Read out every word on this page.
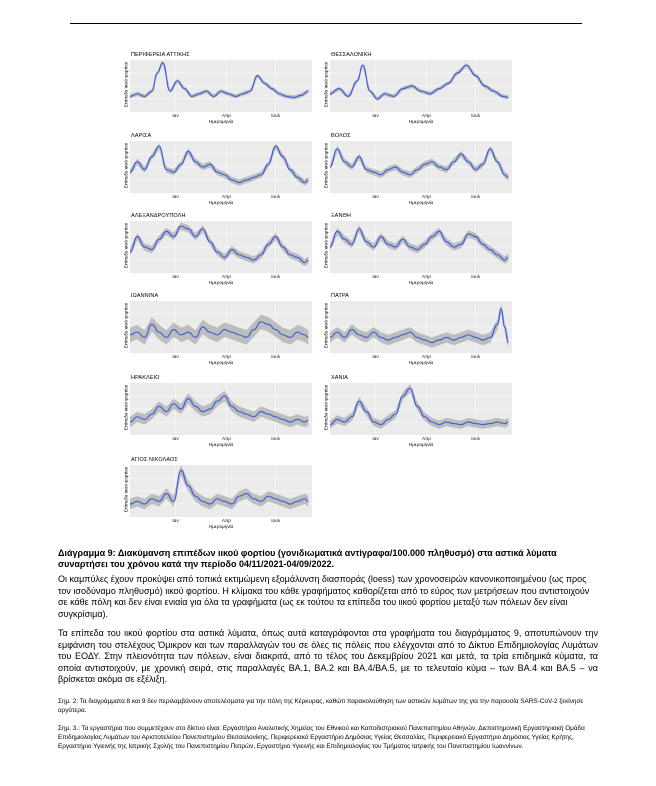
ΠΕΡΙΦΕΡΕΙΑ ΑΤΤΙΚΗΣ
Επίπεδο ιικού φορτίου
Ιαν	Απρ	Ιουλ
Ημερομηνία
ΘΕΣΣΑΛΟΝΙΚΗ
Επίπεδο ιικού φορτίου
Ιαν	Απρ	Ιουλ
Ημερομηνία
ΛΑΡΙΣΑ
Επίπεδο ιικού φορτίου
Ιαν	Απρ	Ιουλ
Ημερομηνία
ΒΟΛΟΣ
Επίπεδο ιικού φορτίου
Ιαν	Απρ	Ιουλ
Ημερομηνία
ΑΛΕΞΑΝΔΡΟΥΠΟΛΗ
Επίπεδο ιικού φορτίου
Ιαν	Απρ	Ιουλ
Ημερομηνία
ΞΑΝΘΗ
Επίπεδο ιικού φορτίου
Ιαν	Απρ	Ιουλ
Ημερομηνία
ΙΩΑΝΝΙΝΑ
Επίπεδο ιικού φορτίου
Ιαν	Απρ	Ιουλ
Ημερομηνία
ΠΑΤΡΑ
Επίπεδο ιικού φορτίου
Ιαν	Απρ	Ιουλ
Ημερομηνία
ΗΡΑΚΛΕΙΟ
Επίπεδο ιικού φορτίου
Ιαν	Απρ	Ιουλ
Ημερομηνία
ΧΑΝΙΑ
Επίπεδο ιικού φορτίου
Ιαν	Απρ	Ιουλ
Ημερομηνία
ΑΓΙΟΣ ΝΙΚΟΛΑΟΣ
Επίπεδο ιικού φορτίου
Ιαν	Απρ	Ιουλ
Ημερομηνία
Διάγραμμα 9: Διακύμανση επιπέδων ιικού φορτίου (γονιδιωματικά αντίγραφα/100.000 πληθυσμό) στα αστικά λύματα συναρτήσει του χρόνου κατά την περίοδο 04/11/2021-04/09/2022.
Οι καμπύλες έχουν προκύψει από τοπικά εκτιμώμενη εξομάλυνση διασποράς (loess) των χρονοσειρών κανονικοποιημένου (ως προς τον ισοδύναμο πληθυσμό) ιικού φορτίου. Η κλίμακα του κάθε γραφήματος καθορίζεται από το εύρος των μετρήσεων που αντιστοιχούν σε κάθε πόλη και δεν είναι ενιαία για όλα τα γραφήματα (ως εκ τούτου τα επίπεδα του ιικού φορτίου μεταξύ των πόλεων δεν είναι συγκρίσιμα).
Τα επίπεδα του ιικού φορτίου στα αστικά λύματα, όπως αυτά καταγράφονται στα γραφήματα του διαγράμματος 9, αποτυπώνουν την εμφάνιση του στελέχους Όμικρον και των παραλλαγών του σε όλες τις πόλεις που ελέγχονται από το Δίκτυο Επιδημιολογίας Λυμάτων του ΕΟΔΥ. Στην πλειονότητα των πόλεων, είναι διακριτά, από το τέλος του Δεκεμβρίου 2021 και μετά, τα τρία επιδημικά κύματα, τα οποία αντιστοιχούν, με χρονική σειρά, στις παραλλαγές BA.1, BA.2 και BA.4/BA.5, με το τελευταίο κύμα – των BA.4 και BA.5 – να βρίσκεται ακόμα σε εξέλιξη.
Σημ. 2: Τα διαγράμματα 8 και 9 δεν περιλαμβάνουν αποτελέσματα για την πόλη της Κέρκυρας, καθώτι παρακολούθηση των αστικών λυμάτων της για την παρουσία SARS-CoV-2 ξεκίνησε αργότερα.
Σημ. 3.: Τα εργαστήρια που συμμετέχουν στο δίκτυο είναι: Εργαστήριο Αναλυτικής Χημείας του Εθνικού και Καποδιστριακού Πανεπιστημίου Αθηνών, Διεπιστημονική Εργαστηριακή Ομάδα Επιδημιολογίας Λυμάτων του Αριστοτελείου Πανεπιστημίου Θεσσαλονίκης, Περιφερειακό Εργαστήριο Δημόσιας Υγείας Θεσσαλίας, Περιφερειακό Εργαστήριο Δημόσιας Υγείας Κρήτης, Εργαστήριο Υγιεινής της Ιατρικής Σχολής του Πανεπιστημίου Πατρών, Εργαστήριο Υγιεινής και Επιδημιολογίας του Τμήματος Ιατρικής του Πανεπιστημίου Ιωαννίνων.
